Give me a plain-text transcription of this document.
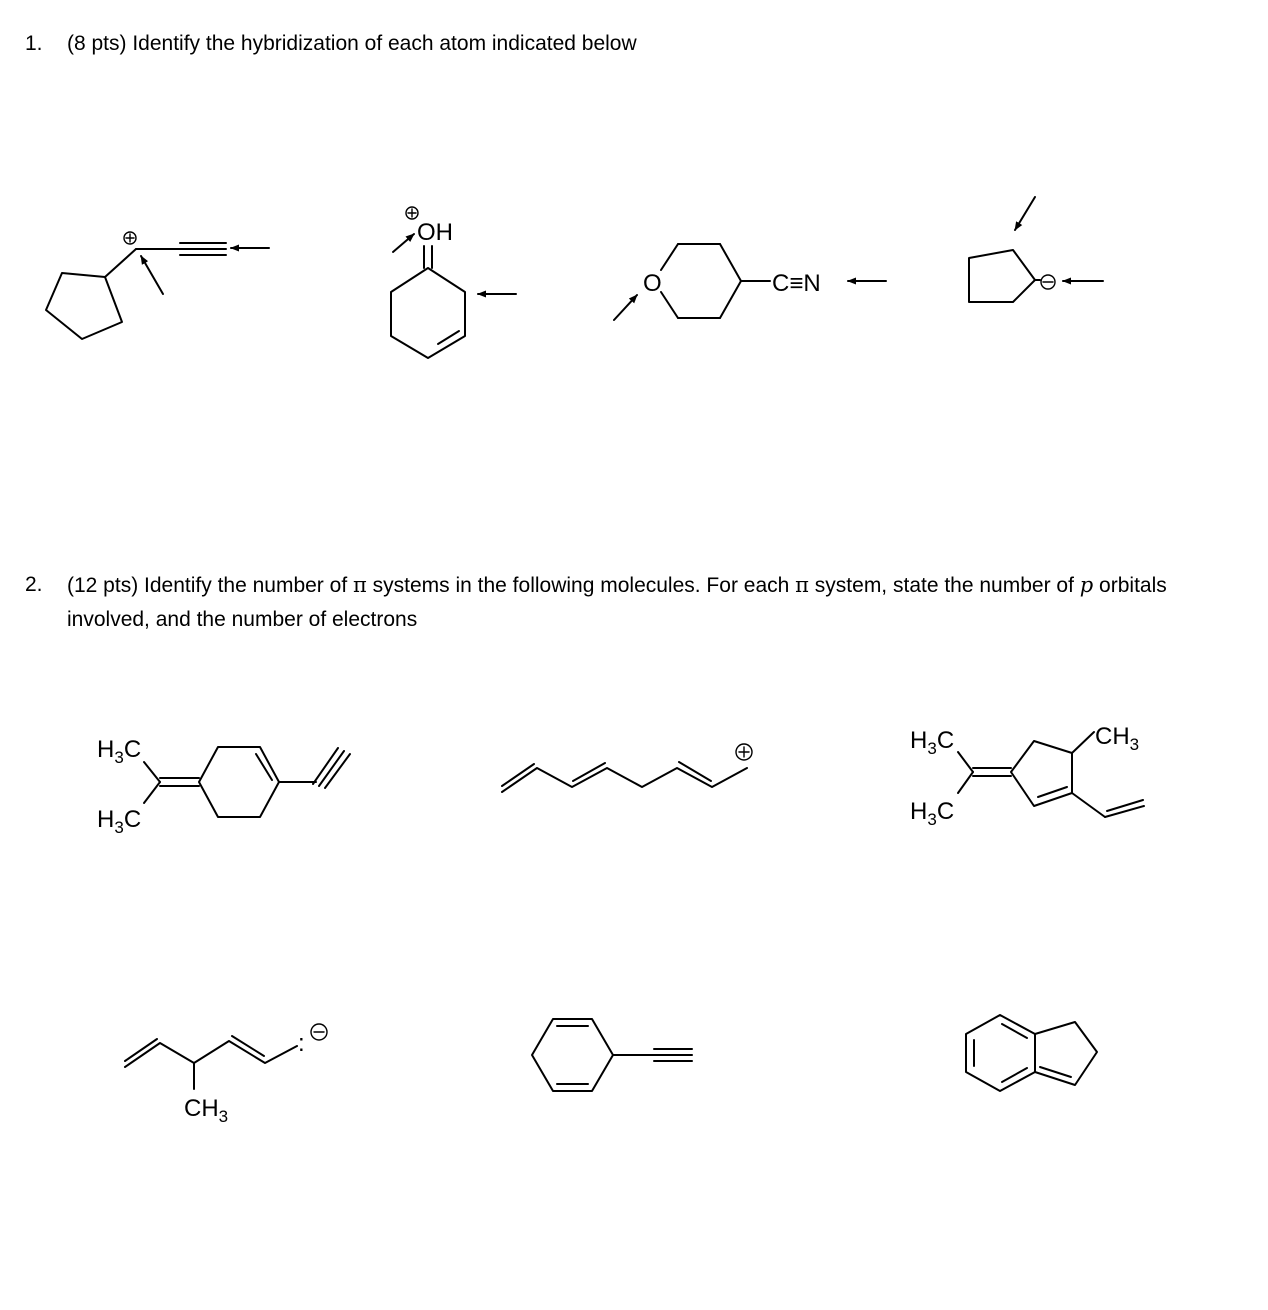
1. (8 pts) Identify the hybridization of each atom indicated below
2. (12 pts) Identify the number of π systems in the following molecules. For each π system, state the number of p orbitals involved, and the number of electrons
OH
O	C≡N
H3C
H3C
H3C
H3C
CH3
CH3
:
